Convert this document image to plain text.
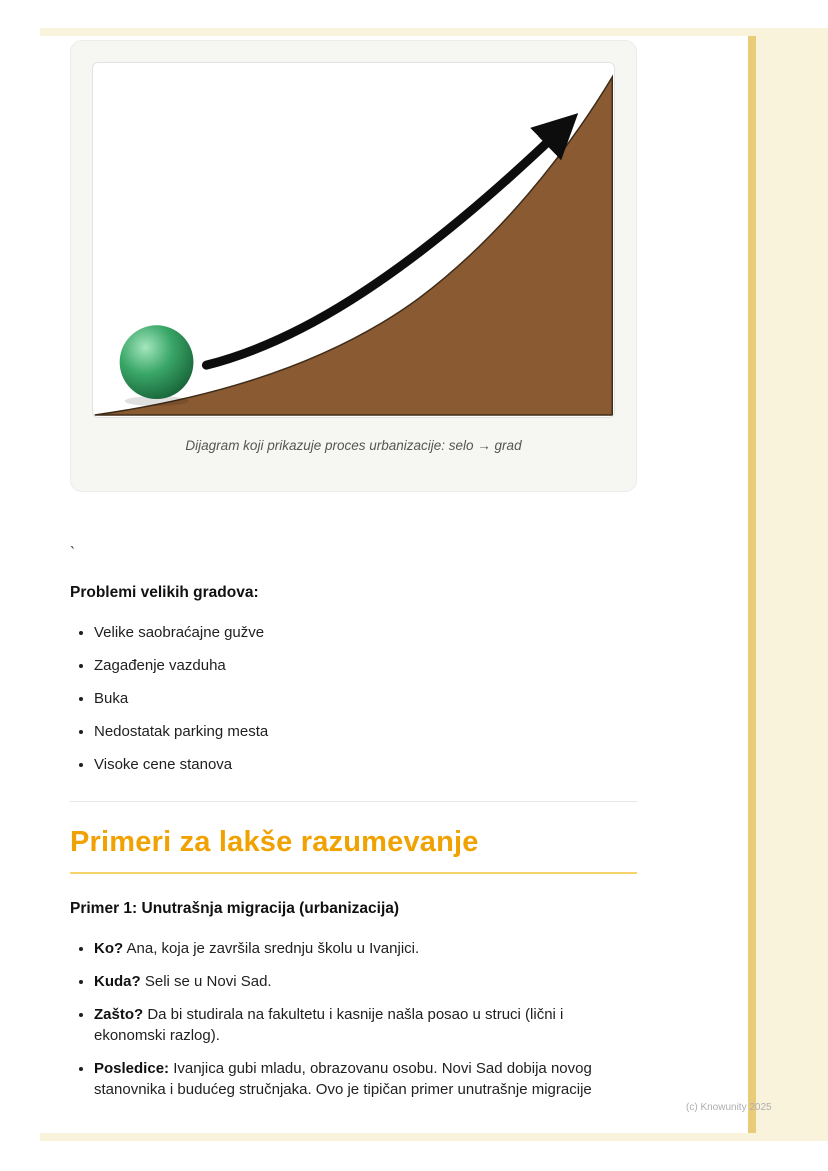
Dijagram koji prikazuje proces urbanizacije: selo → grad
`
Problemi velikih gradova:
• Velike saobraćajne gužve
• Zagađenje vazduha
• Buka
• Nedostatak parking mesta
• Visoke cene stanova
Primeri za lakše razumevanje
Primer 1: Unutrašnja migracija (urbanizacija)
• Ko? Ana, koja je završila srednju školu u Ivanjici.
• Kuda? Seli se u Novi Sad.
• Zašto? Da bi studirala na fakultetu i kasnije našla posao u struci (lični i ekonomski razlog).
• Posledice: Ivanjica gubi mladu, obrazovanu osobu. Novi Sad dobija novog stanovnika i budućeg stručnjaka. Ovo je tipičan primer unutrašnje migracije
(c) Knowunity 2025
